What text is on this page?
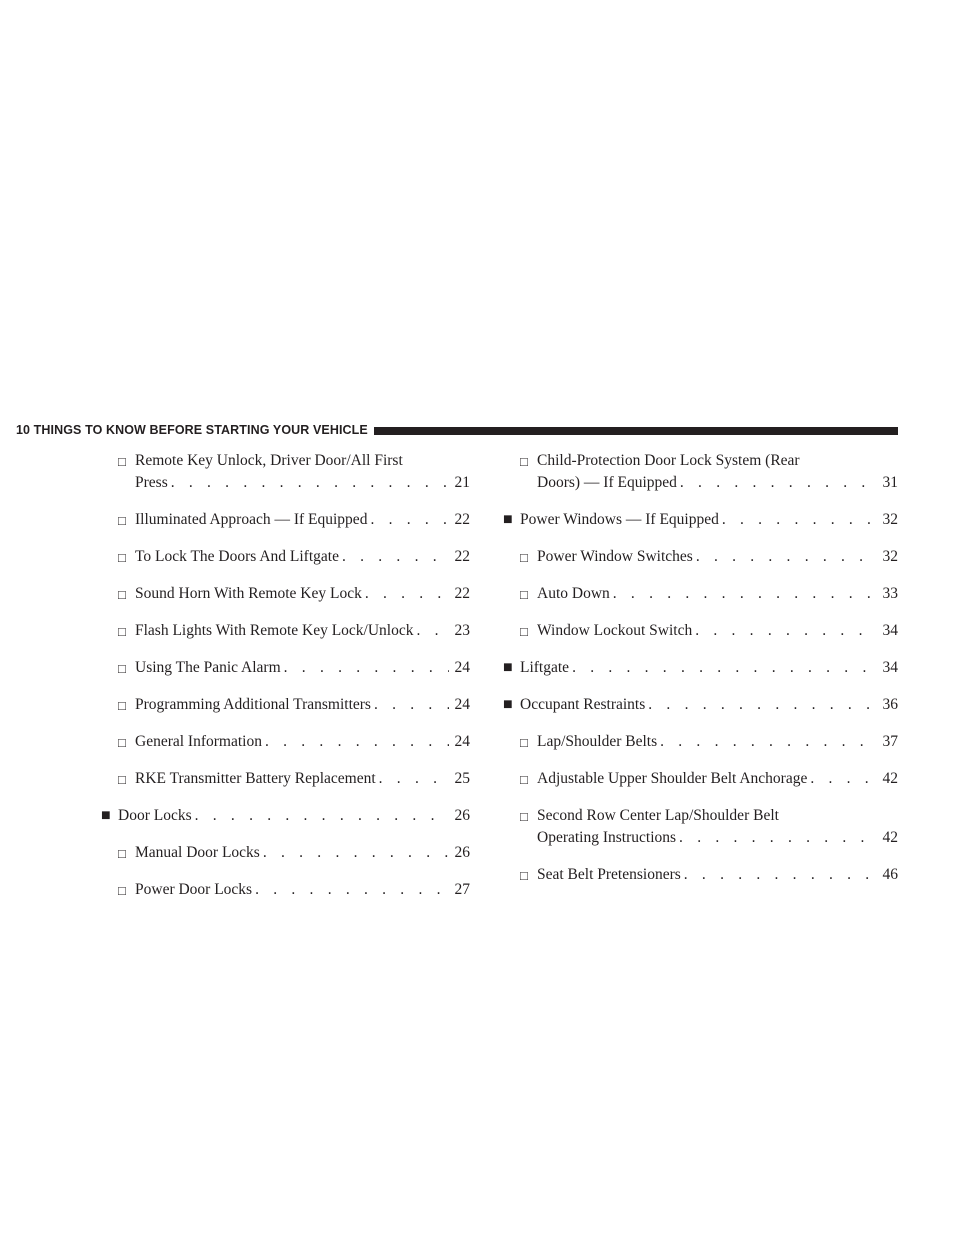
10 THINGS TO KNOW BEFORE STARTING YOUR VEHICLE
□ Remote Key Unlock, Driver Door/All First
Press . . .	21
□ Illuminated Approach — If Equipped . . .	22
□ To Lock The Doors And Liftgate . . .	22
□ Sound Horn With Remote Key Lock . . .	22
□ Flash Lights With Remote Key Lock/Unlock . . .	23
□ Using The Panic Alarm . . .	24
□ Programming Additional Transmitters . . .	24
□ General Information . . .	24
□ RKE Transmitter Battery Replacement . . .	25
■ Door Locks . . .	26
□ Manual Door Locks . . .	26
□ Power Door Locks . . .	27
□ Child-Protection Door Lock System (Rear
Doors) — If Equipped . . .	31
■ Power Windows — If Equipped . . .	32
□ Power Window Switches . . .	32
□ Auto Down . . .	33
□ Window Lockout Switch . . .	34
■ Liftgate . . .	34
■ Occupant Restraints . . .	36
□ Lap/Shoulder Belts . . .	37
□ Adjustable Upper Shoulder Belt Anchorage . . .	42
□ Second Row Center Lap/Shoulder Belt
Operating Instructions . . .	42
□ Seat Belt Pretensioners . . .	46
